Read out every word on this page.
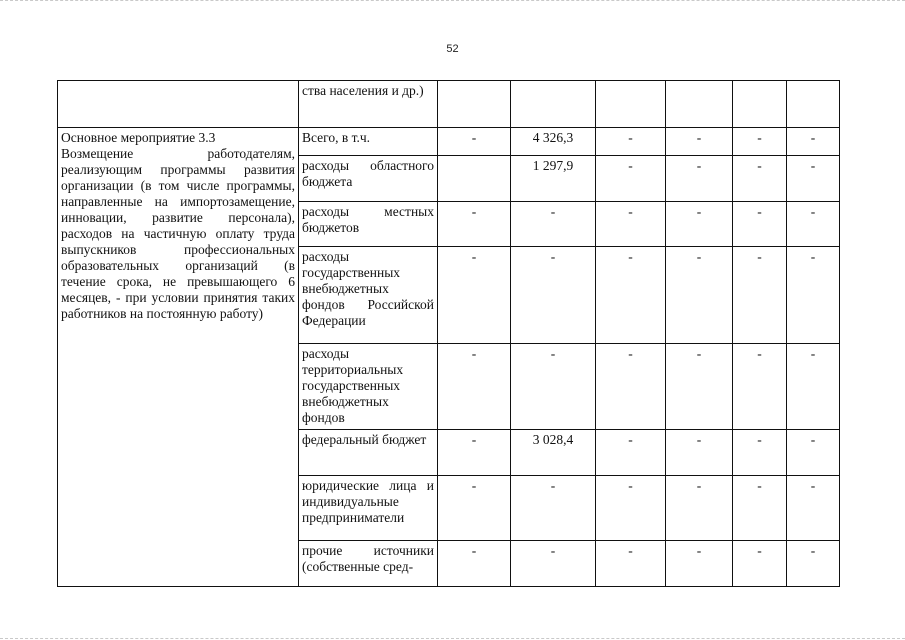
52
	ства населения и др.)						

Основное мероприятие 3.3
Возмещение работодателям, реализующим программы развития организации (в том числе программы, направленные на импортозамещение, инновации, развитие персонала), расходов на частичную оплату труда выпускников профессиональных образовательных организаций (в течение срока, не превышающего 6 месяцев, - при условии принятия таких работников на постоянную работу)	Всего, в т.ч.	-	4 326,3	-	-	-	-
	расходы областного бюджета		1 297,9	-	-	-	-
	расходы местных бюджетов	-	-	-	-	-	-
	расходы государственных внебюджетных фондов Российской Федерации	-	-	-	-	-	-
	расходы территориальных государственных внебюджетных фондов	-	-	-	-	-	-
	федеральный бюджет	-	3 028,4	-	-	-	-
	юридические лица и индивидуальные предприниматели	-	-	-	-	-	-
	прочие источники (собственные сред-	-	-	-	-	-	-
